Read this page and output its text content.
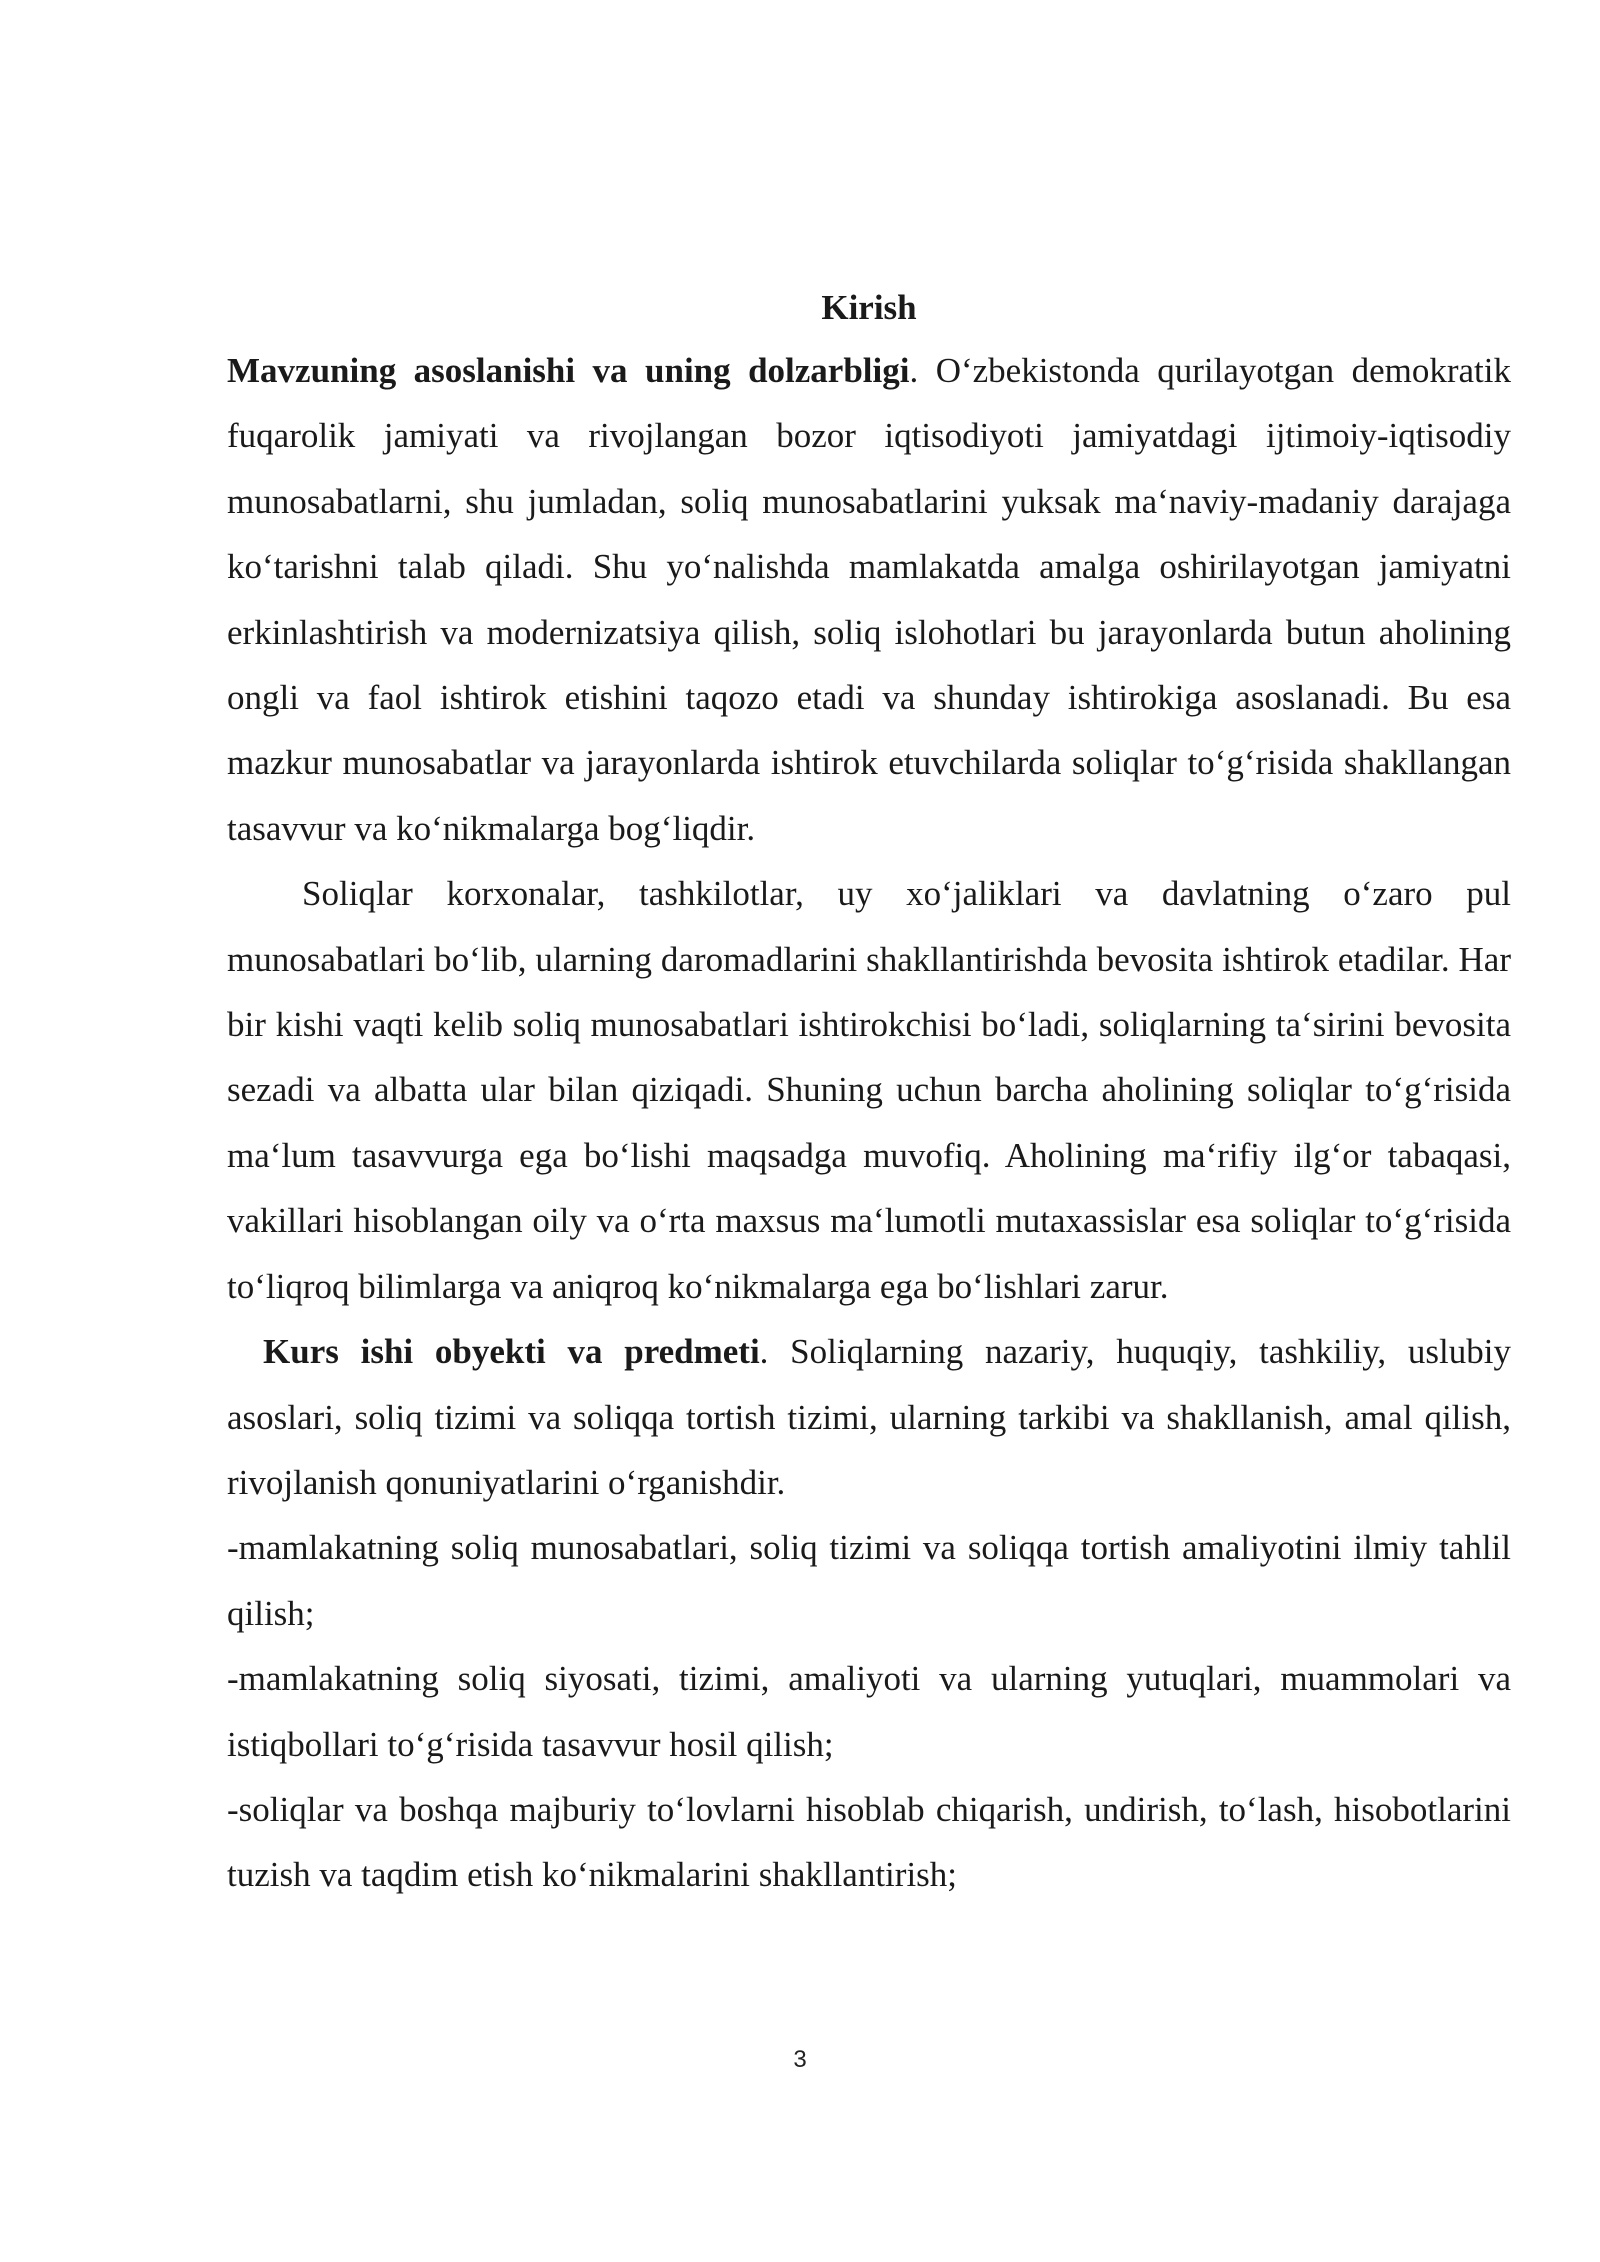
Kirish

Mavzuning asoslanishi va uning dolzarbligi. O‘zbekistonda qurilayotgan demokratik fuqarolik jamiyati va rivojlangan bozor iqtisodiyoti jamiyatdagi ijtimoiy-iqtisodiy munosabatlarni, shu jumladan, soliq munosabatlarini yuksak ma‘naviy-madaniy darajaga ko‘tarishni talab qiladi. Shu yo‘nalishda mamlakatda amalga oshirilayotgan jamiyatni erkinlashtirish va modernizatsiya qilish, soliq islohotlari bu jarayonlarda butun aholining ongli va faol ishtirok etishini taqozo etadi va shunday ishtirokiga asoslanadi. Bu esa mazkur munosabatlar va jarayonlarda ishtirok etuvchilarda soliqlar to‘g‘risida shakllangan tasavvur va ko‘nikmalarga bog‘liqdir.

Soliqlar korxonalar, tashkilotlar, uy xo‘jaliklari va davlatning o‘zaro pul munosabatlari bo‘lib, ularning daromadlarini shakllantirishda bevosita ishtirok etadilar. Har bir kishi vaqti kelib soliq munosabatlari ishtirokchisi bo‘ladi, soliqlarning ta‘sirini bevosita sezadi va albatta ular bilan qiziqadi. Shuning uchun barcha aholining soliqlar to‘g‘risida ma‘lum tasavvurga ega bo‘lishi maqsadga muvofiq. Aholining ma‘rifiy ilg‘or tabaqasi, vakillari hisoblangan oily va o‘rta maxsus ma‘lumotli mutaxassislar esa soliqlar to‘g‘risida to‘liqroq bilimlarga va aniqroq ko‘nikmalarga ega bo‘lishlari zarur.

Kurs ishi obyekti va predmeti. Soliqlarning nazariy, huquqiy, tashkiliy, uslubiy asoslari, soliq tizimi va soliqqa tortish tizimi, ularning tarkibi va shakllanish, amal qilish, rivojlanish qonuniyatlarini o‘rganishdir.

-mamlakatning soliq munosabatlari, soliq tizimi va soliqqa tortish amaliyotini ilmiy tahlil qilish;

-mamlakatning soliq siyosati, tizimi, amaliyoti va ularning yutuqlari, muammolari va istiqbollari to‘g‘risida tasavvur hosil qilish;

-soliqlar va boshqa majburiy to‘lovlarni hisoblab chiqarish, undirish, to‘lash, hisobotlarini tuzish va taqdim etish ko‘nikmalarini shakllantirish;

3
